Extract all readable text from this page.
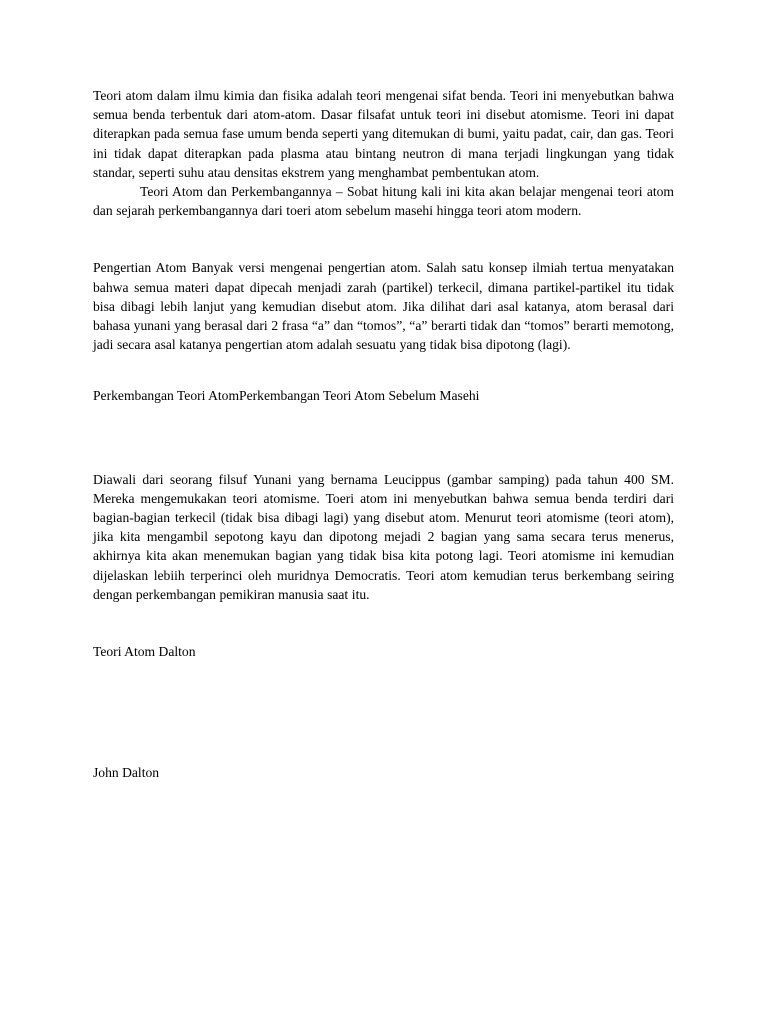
Teori atom dalam ilmu kimia dan fisika adalah teori mengenai sifat benda. Teori ini menyebutkan bahwa semua benda terbentuk dari atom-atom. Dasar filsafat untuk teori ini disebut atomisme. Teori ini dapat diterapkan pada semua fase umum benda seperti yang ditemukan di bumi, yaitu padat, cair, dan gas. Teori ini tidak dapat diterapkan pada plasma atau bintang neutron di mana terjadi lingkungan yang tidak standar, seperti suhu atau densitas ekstrem yang menghambat pembentukan atom.

Teori Atom dan Perkembangannya – Sobat hitung kali ini kita akan belajar mengenai teori atom dan sejarah perkembangannya dari toeri atom sebelum masehi hingga teori atom modern.

Pengertian Atom Banyak versi mengenai pengertian atom. Salah satu konsep ilmiah tertua menyatakan bahwa semua materi dapat dipecah menjadi zarah (partikel) terkecil, dimana partikel-partikel itu tidak bisa dibagi lebih lanjut yang kemudian disebut atom. Jika dilihat dari asal katanya, atom berasal dari bahasa yunani yang berasal dari 2 frasa “a” dan “tomos”, “a” berarti tidak dan “tomos” berarti memotong, jadi secara asal katanya pengertian atom adalah sesuatu yang tidak bisa dipotong (lagi).

Perkembangan Teori AtomPerkembangan Teori Atom Sebelum Masehi

Diawali dari seorang filsuf Yunani yang bernama Leucippus (gambar samping) pada tahun 400 SM. Mereka mengemukakan teori atomisme. Toeri atom ini menyebutkan bahwa semua benda terdiri dari bagian-bagian terkecil (tidak bisa dibagi lagi) yang disebut atom. Menurut teori atomisme (teori atom), jika kita mengambil sepotong kayu dan dipotong mejadi 2 bagian yang sama secara terus menerus, akhirnya kita akan menemukan bagian yang tidak bisa kita potong lagi. Teori atomisme ini kemudian dijelaskan lebiih terperinci oleh muridnya Democratis. Teori atom kemudian terus berkembang seiring dengan perkembangan pemikiran manusia saat itu.

Teori Atom Dalton

John Dalton
